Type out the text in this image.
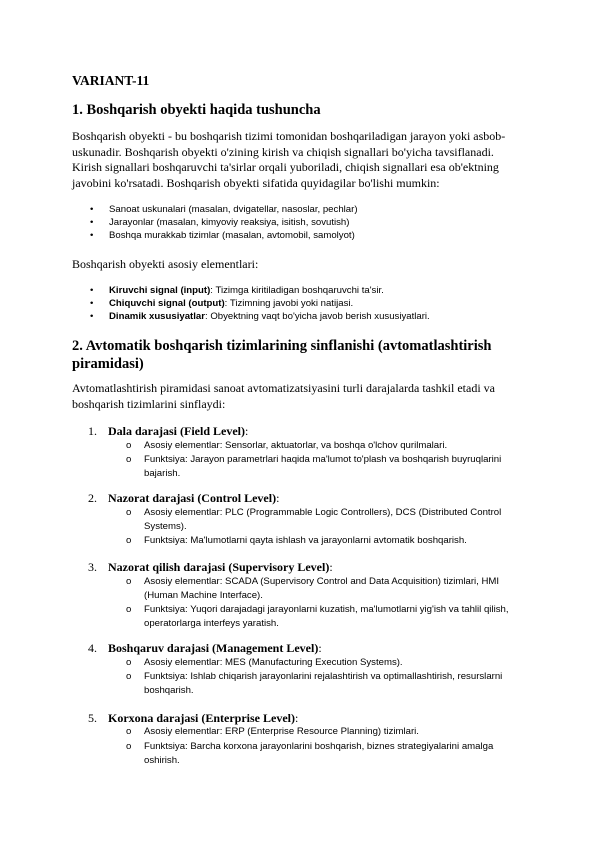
VARIANT-11
1. Boshqarish obyekti haqida tushuncha
Boshqarish obyekti - bu boshqarish tizimi tomonidan boshqariladigan jarayon yoki asbob-uskunadir. Boshqarish obyekti o'zining kirish va chiqish signallari bo'yicha tavsiflanadi. Kirish signallari boshqaruvchi ta'sirlar orqali yuboriladi, chiqish signallari esa ob'ektning javobini ko'rsatadi. Boshqarish obyekti sifatida quyidagilar bo'lishi mumkin:
• Sanoat uskunalari (masalan, dvigatellar, nasoslar, pechlar)
• Jarayonlar (masalan, kimyoviy reaksiya, isitish, sovutish)
• Boshqa murakkab tizimlar (masalan, avtomobil, samolyot)
Boshqarish obyekti asosiy elementlari:
• Kiruvchi signal (input): Tizimga kiritiladigan boshqaruvchi ta'sir.
• Chiquvchi signal (output): Tizimning javobi yoki natijasi.
• Dinamik xususiyatlar: Obyektning vaqt bo'yicha javob berish xususiyatlari.
2. Avtomatik boshqarish tizimlarining sinflanishi (avtomatlashtirish piramidasi)
Avtomatlashtirish piramidasi sanoat avtomatizatsiyasini turli darajalarda tashkil etadi va boshqarish tizimlarini sinflaydi:
1. Dala darajasi (Field Level):
o Asosiy elementlar: Sensorlar, aktuatorlar, va boshqa o'lchov qurilmalari.
o Funktsiya: Jarayon parametrlari haqida ma'lumot to'plash va boshqarish buyruqlarini bajarish.
2. Nazorat darajasi (Control Level):
o Asosiy elementlar: PLC (Programmable Logic Controllers), DCS (Distributed Control Systems).
o Funktsiya: Ma'lumotlarni qayta ishlash va jarayonlarni avtomatik boshqarish.
3. Nazorat qilish darajasi (Supervisory Level):
o Asosiy elementlar: SCADA (Supervisory Control and Data Acquisition) tizimlari, HMI (Human Machine Interface).
o Funktsiya: Yuqori darajadagi jarayonlarni kuzatish, ma'lumotlarni yig'ish va tahlil qilish, operatorlarga interfeys yaratish.
4. Boshqaruv darajasi (Management Level):
o Asosiy elementlar: MES (Manufacturing Execution Systems).
o Funktsiya: Ishlab chiqarish jarayonlarini rejalashtirish va optimallashtirish, resurslarni boshqarish.
5. Korxona darajasi (Enterprise Level):
o Asosiy elementlar: ERP (Enterprise Resource Planning) tizimlari.
o Funktsiya: Barcha korxona jarayonlarini boshqarish, biznes strategiyalarini amalga oshirish.
